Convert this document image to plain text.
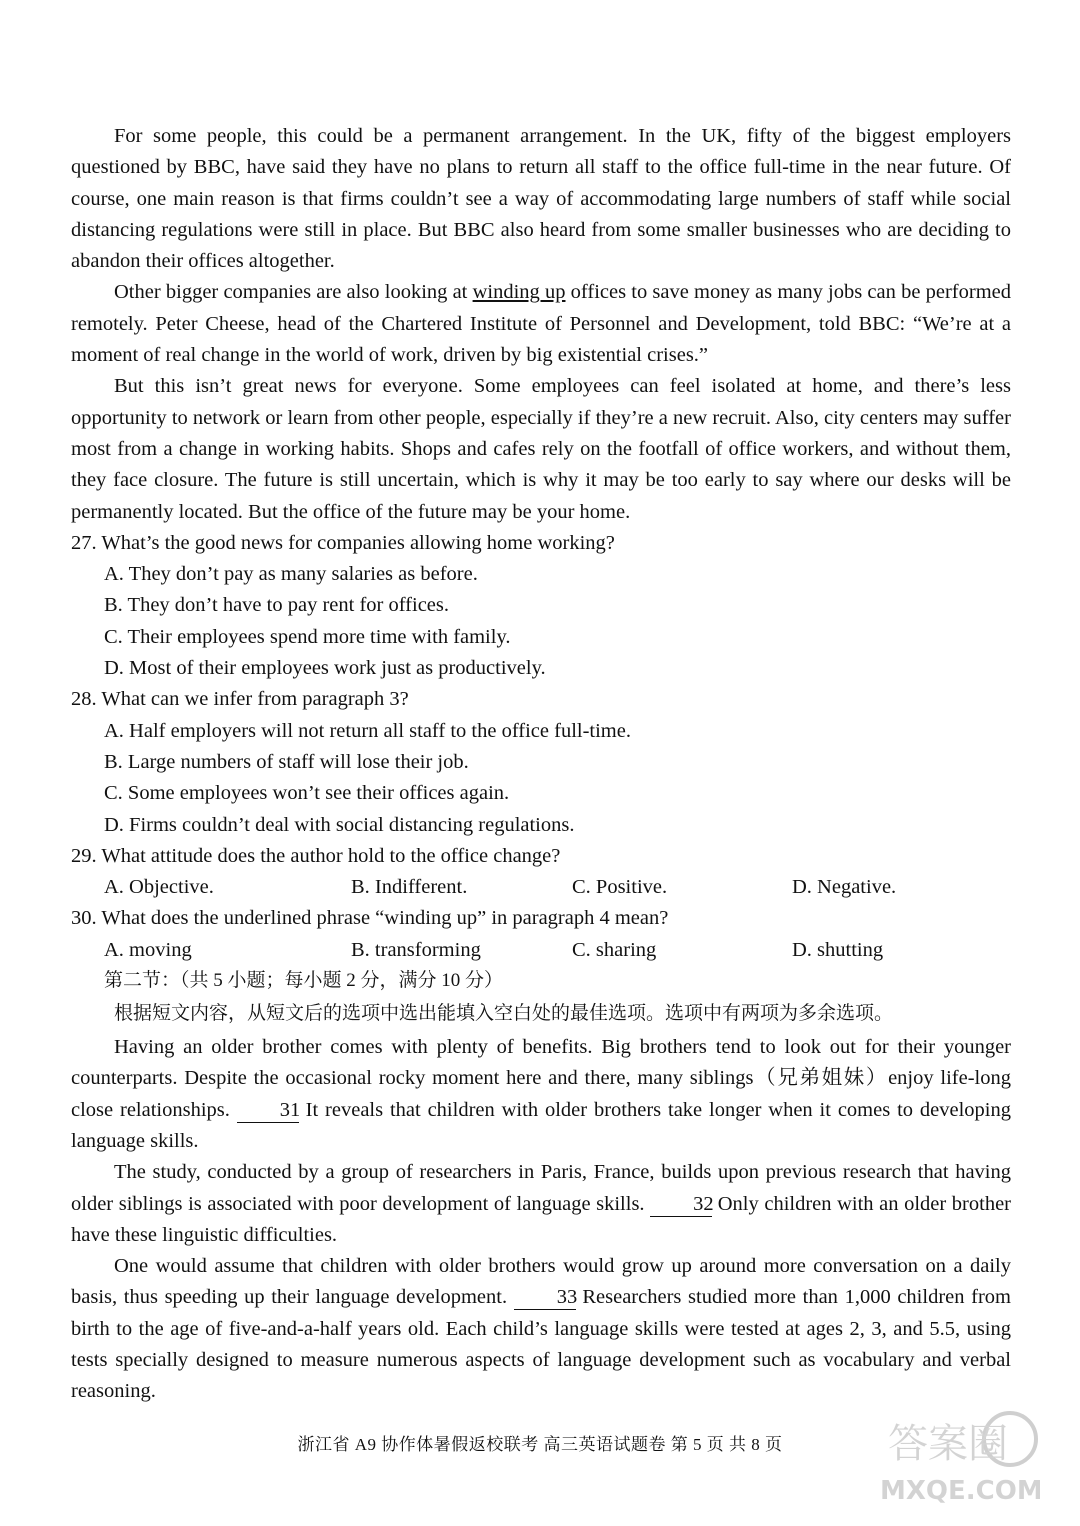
For some people, this could be a permanent arrangement. In the UK, fifty of the biggest employers questioned by BBC, have said they have no plans to return all staff to the office full-time in the near future. Of course, one main reason is that firms couldn’t see a way of accommodating large numbers of staff while social distancing regulations were still in place. But BBC also heard from some smaller businesses who are deciding to abandon their offices altogether.

Other bigger companies are also looking at winding up offices to save money as many jobs can be performed remotely. Peter Cheese, head of the Chartered Institute of Personnel and Development, told BBC: “We’re at a moment of real change in the world of work, driven by big existential crises.”

But this isn’t great news for everyone. Some employees can feel isolated at home, and there’s less opportunity to network or learn from other people, especially if they’re a new recruit. Also, city centers may suffer most from a change in working habits. Shops and cafes rely on the footfall of office workers, and without them, they face closure. The future is still uncertain, which is why it may be too early to say where our desks will be permanently located. But the office of the future may be your home.

27. What’s the good news for companies allowing home working?
A. They don’t pay as many salaries as before.
B. They don’t have to pay rent for offices.
C. Their employees spend more time with family.
D. Most of their employees work just as productively.
28. What can we infer from paragraph 3?
A. Half employers will not return all staff to the office full-time.
B. Large numbers of staff will lose their job.
C. Some employees won’t see their offices again.
D. Firms couldn’t deal with social distancing regulations.
29. What attitude does the author hold to the office change?
A. Objective.	B. Indifferent.	C. Positive.	D. Negative.
30. What does the underlined phrase “winding up” in paragraph 4 mean?
A. moving	B. transforming	C. sharing	D. shutting
第二节：（共 5 小题；每小题 2 分，满分 10 分）
根据短文内容，从短文后的选项中选出能填入空白处的最佳选项。选项中有两项为多余选项。

Having an older brother comes with plenty of benefits. Big brothers tend to look out for their younger counterparts. Despite the occasional rocky moment here and there, many siblings（兄弟姐妹）enjoy life-long close relationships. 31 It reveals that children with older brothers take longer when it comes to developing language skills.

The study, conducted by a group of researchers in Paris, France, builds upon previous research that having older siblings is associated with poor development of language skills. 32 Only children with an older brother have these linguistic difficulties.

One would assume that children with older brothers would grow up around more conversation on a daily basis, thus speeding up their language development. 33 Researchers studied more than 1,000 children from birth to the age of five-and-a-half years old. Each child’s language skills were tested at ages 2, 3, and 5.5, using tests specially designed to measure numerous aspects of language development such as vocabulary and verbal reasoning.

浙江省 A9 协作体暑假返校联考 高三英语试题卷 第 5 页 共 8 页	答案圈
MXQE.COM
